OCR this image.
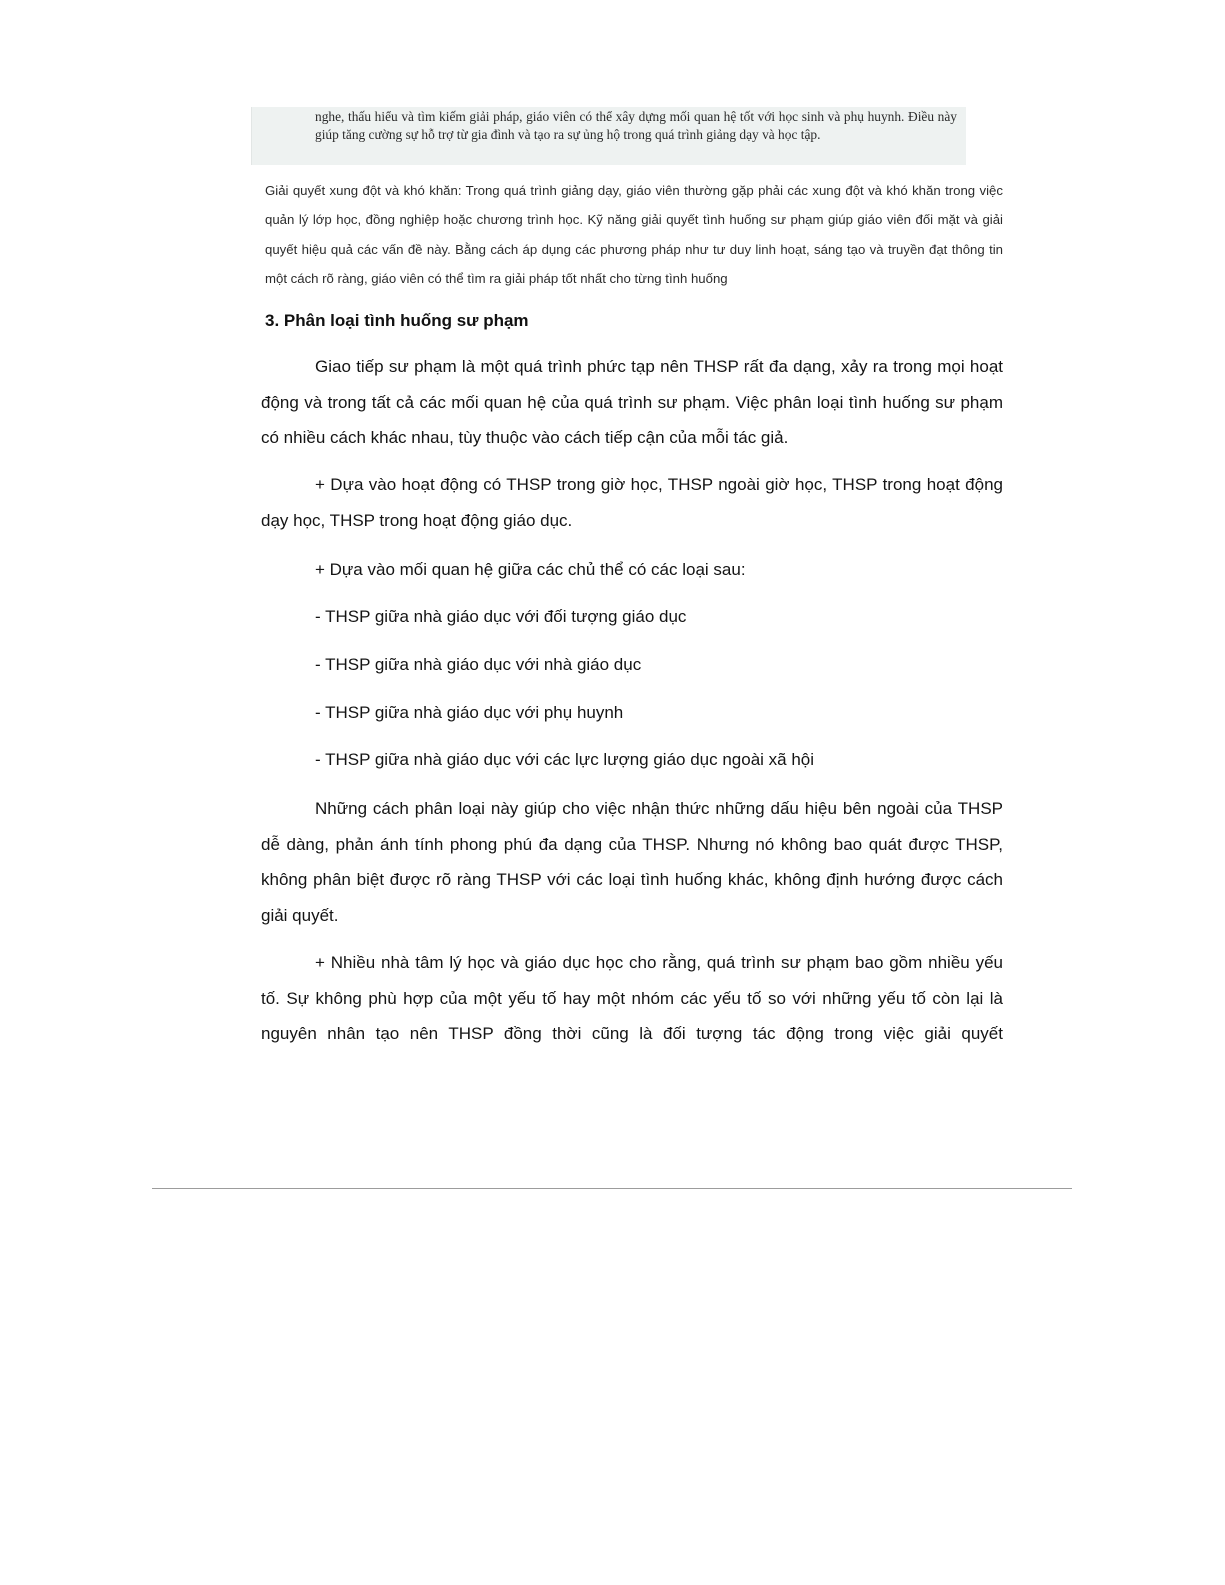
nghe, thấu hiểu và tìm kiếm giải pháp, giáo viên có thể xây dựng mối quan hệ tốt với học sinh và phụ huynh. Điều này giúp tăng cường sự hỗ trợ từ gia đình và tạo ra sự ủng hộ trong quá trình giảng dạy và học tập.

Giải quyết xung đột và khó khăn: Trong quá trình giảng dạy, giáo viên thường gặp phải các xung đột và khó khăn trong việc quản lý lớp học, đồng nghiệp hoặc chương trình học. Kỹ năng giải quyết tình huống sư phạm giúp giáo viên đối mặt và giải quyết hiệu quả các vấn đề này. Bằng cách áp dụng các phương pháp như tư duy linh hoạt, sáng tạo và truyền đạt thông tin một cách rõ ràng, giáo viên có thể tìm ra giải pháp tốt nhất cho từng tình huống

3. Phân loại tình huống sư phạm

Giao tiếp sư phạm là một quá trình phức tạp nên THSP rất đa dạng, xảy ra trong mọi hoạt động và trong tất cả các mối quan hệ của quá trình sư phạm. Việc phân loại tình huống sư phạm có nhiều cách khác nhau, tùy thuộc vào cách tiếp cận của mỗi tác giả.

+ Dựa vào hoạt động có THSP trong giờ học, THSP ngoài giờ học, THSP trong hoạt động dạy học, THSP trong hoạt động giáo dục.

+ Dựa vào mối quan hệ giữa các chủ thể có các loại sau:

- THSP giữa nhà giáo dục với đối tượng giáo dục

- THSP giữa nhà giáo dục với nhà giáo dục

- THSP giữa nhà giáo dục với phụ huynh

- THSP giữa nhà giáo dục với các lực lượng giáo dục ngoài xã hội

Những cách phân loại này giúp cho việc nhận thức những dấu hiệu bên ngoài của THSP dễ dàng, phản ánh tính phong phú đa dạng của THSP. Nhưng nó không bao quát được THSP, không phân biệt được rõ ràng THSP với các loại tình huống khác, không định hướng được cách giải quyết.

+ Nhiều nhà tâm lý học và giáo dục học cho rằng, quá trình sư phạm bao gồm nhiều yếu tố. Sự không phù hợp của một yếu tố hay một nhóm các yếu tố so với những yếu tố còn lại là nguyên nhân tạo nên THSP đồng thời cũng là đối tượng tác động trong việc giải quyết
